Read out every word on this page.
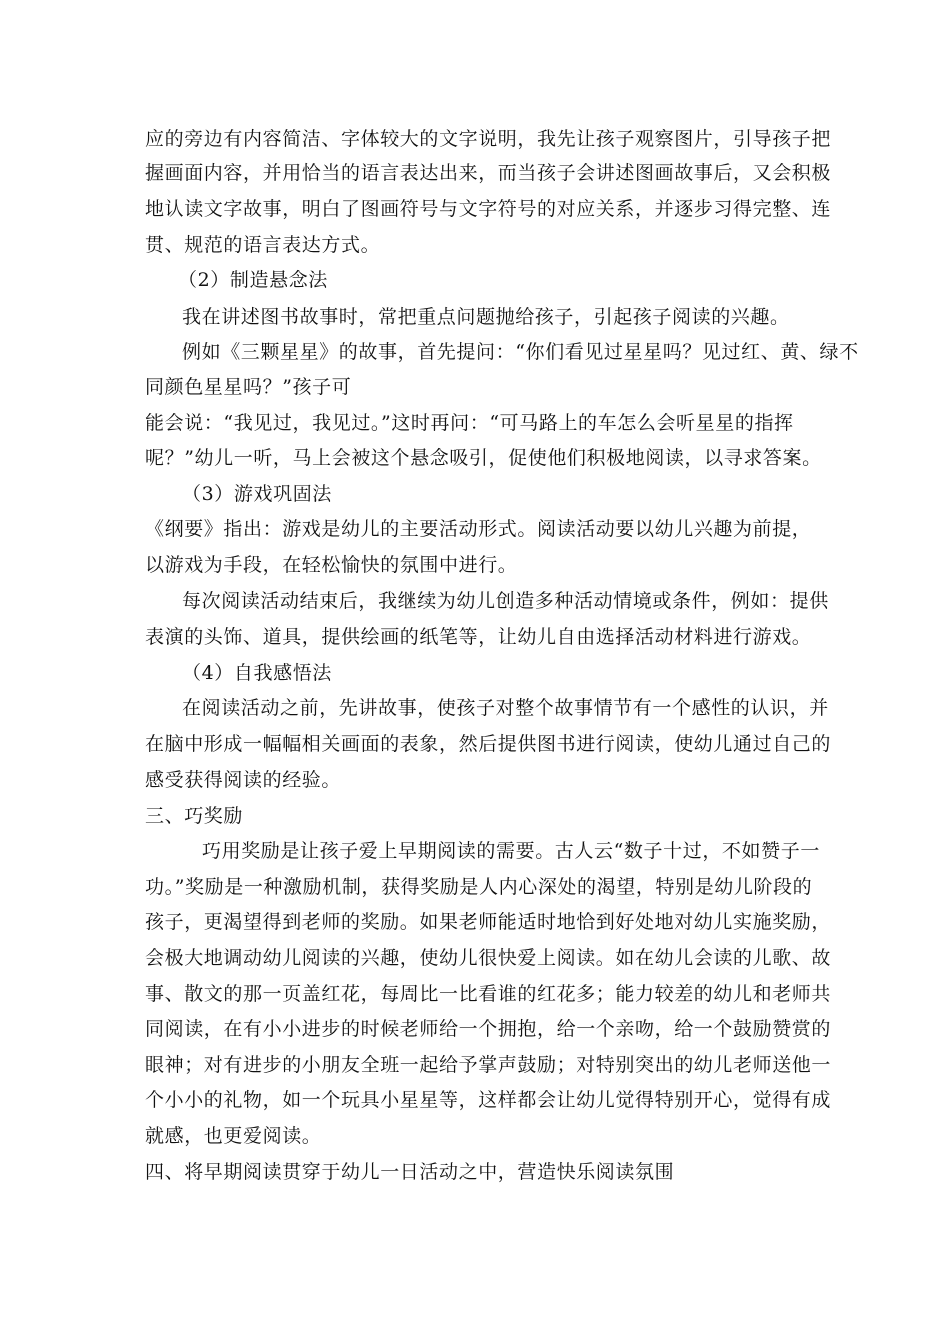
应的旁边有内容简洁、字体较大的文字说明，我先让孩子观察图片，引导孩子把
握画面内容，并用恰当的语言表达出来，而当孩子会讲述图画故事后，又会积极
地认读文字故事，明白了图画符号与文字符号的对应关系，并逐步习得完整、连
贯、规范的语言表达方式。
（2）制造悬念法
我在讲述图书故事时，常把重点问题抛给孩子，引起孩子阅读的兴趣。
例如《三颗星星》的故事，首先提问：“你们看见过星星吗？见过红、黄、绿不
同颜色星星吗？”孩子可
能会说：“我见过，我见过。”这时再问：“可马路上的车怎么会听星星的指挥
呢？”幼儿一听，马上会被这个悬念吸引，促使他们积极地阅读，以寻求答案。
（3）游戏巩固法
《纲要》指出：游戏是幼儿的主要活动形式。阅读活动要以幼儿兴趣为前提，
以游戏为手段，在轻松愉快的氛围中进行。
每次阅读活动结束后，我继续为幼儿创造多种活动情境或条件，例如：提供
表演的头饰、道具，提供绘画的纸笔等，让幼儿自由选择活动材料进行游戏。
（4）自我感悟法
在阅读活动之前，先讲故事，使孩子对整个故事情节有一个感性的认识，并
在脑中形成一幅幅相关画面的表象，然后提供图书进行阅读，使幼儿通过自己的
感受获得阅读的经验。
三、巧奖励
巧用奖励是让孩子爱上早期阅读的需要。古人云“数子十过，不如赞子一
功。”奖励是一种激励机制，获得奖励是人内心深处的渴望，特别是幼儿阶段的
孩子，更渴望得到老师的奖励。如果老师能适时地恰到好处地对幼儿实施奖励，
会极大地调动幼儿阅读的兴趣，使幼儿很快爱上阅读。如在幼儿会读的儿歌、故
事、散文的那一页盖红花，每周比一比看谁的红花多；能力较差的幼儿和老师共
同阅读，在有小小进步的时候老师给一个拥抱，给一个亲吻，给一个鼓励赞赏的
眼神；对有进步的小朋友全班一起给予掌声鼓励；对特别突出的幼儿老师送他一
个小小的礼物，如一个玩具小星星等，这样都会让幼儿觉得特别开心，觉得有成
就感，也更爱阅读。
四、将早期阅读贯穿于幼儿一日活动之中，营造快乐阅读氛围
